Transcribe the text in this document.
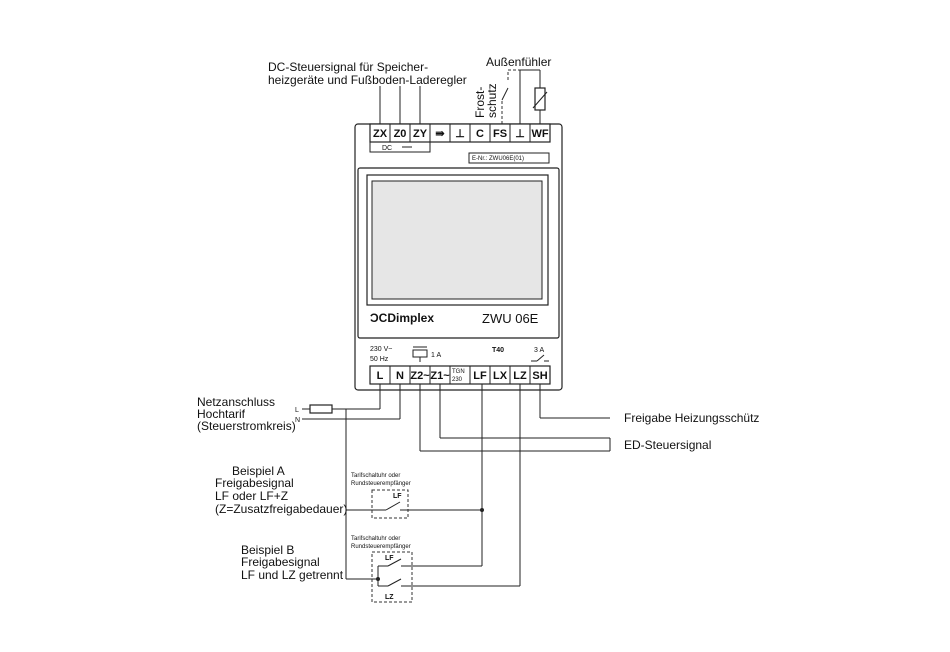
DC-Steuersignal für Speicher-
heizgeräte und Fußboden-Laderegler
Außenfühler
Frost-
schutz
ZX Z0 ZY ⇛ ⊥ C FS ⊥ WF
DC
E-Nr.: ZWU06E(01)
ƆCDimplex	ZWU 06E
230 V~
50 Hz
1 A
T40	3 A
L N Z2~ Z1~ LF LX LZ SH
TGN
230
Netzanschluss
Hochtarif
(Steuerstromkreis)
L
N	Freigabe Heizungsschütz
ED-Steuersignal
Beispiel A
Freigabesignal
LF oder LF+Z
(Z=Zusatzfreigabedauer)
Tarifschaltuhr oder
Rundsteuerempfänger
LF
Beispiel B
Freigabesignal
LF und LZ getrennt
Tarifschaltuhr oder
Rundsteuerempfänger
LF
LZ
